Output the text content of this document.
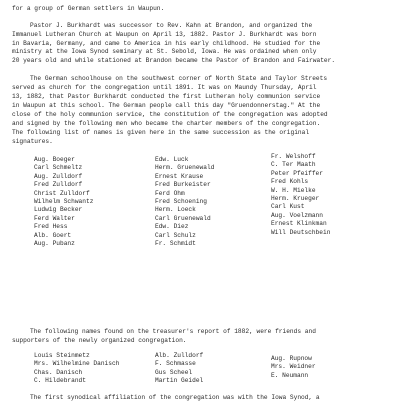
for a group of German settlers in Waupun.
Pastor J. Burkhardt was successor to Rev. Kahn at Brandon, and organized the
Immanuel Lutheran Church at Waupun on April 13, 1882. Pastor J. Burkhardt was born
in Bavaria, Germany, and came to America in his early childhood. He studied for the
ministry at the Iowa Synod seminary at St. Sebold, Iowa. He was ordained when only
20 years old and while stationed at Brandon became the Pastor of Brandon and Fairwater.
The German schoolhouse on the southwest corner of North State and Taylor Streets
served as church for the congregation until 1891. It was on Maundy Thursday, April
13, 1882, that Pastor Burkhardt conducted the first Lutheran holy communion service
in Waupun at this school. The German people call this day "Gruendonnerstag." At the
close of the holy communion service, the constitution of the congregation was adopted
and signed by the following men who became the charter members of the congregation.
The following list of names is given here in the same succession as the original
signatures.
Aug. Boeger
Carl Schmeltz
Aug. Zulldorf
Fred Zulldorf
Christ Zulldorf
Wilhelm Schwantz
Ludwig Becker
Ferd Walter
Fred Hess
Alb. Goert
Aug. Pubanz
Edw. Luck
Herm. Gruenewald
Ernest Krause
Fred Burkeister
Ferd Ohm
Fred Schoening
Herm. Loeck
Carl Gruenewald
Edw. Diez
Carl Schulz
Fr. Schmidt
Fr. Welshoff
C. Ter Maath
Peter Pfeiffer
Fred Kohls
W. H. Mielke
Herm. Krueger
Carl Kust
Aug. Voelzmann
Ernest Klinkman
Will Deutschbein
The following names found on the treasurer's report of 1882, were friends and
supporters of the newly organized congregation.
Louis Steinmetz
Mrs. Wilhelmine Danisch
Chas. Danisch
C. Hildebrandt
Alb. Zulldorf
F. Schmasse
Gus Scheel
Martin Geidel
Aug. Rupnow
Mrs. Weidner
E. Neumann
The first synodical affiliation of the congregation was with the Iowa Synod, a
